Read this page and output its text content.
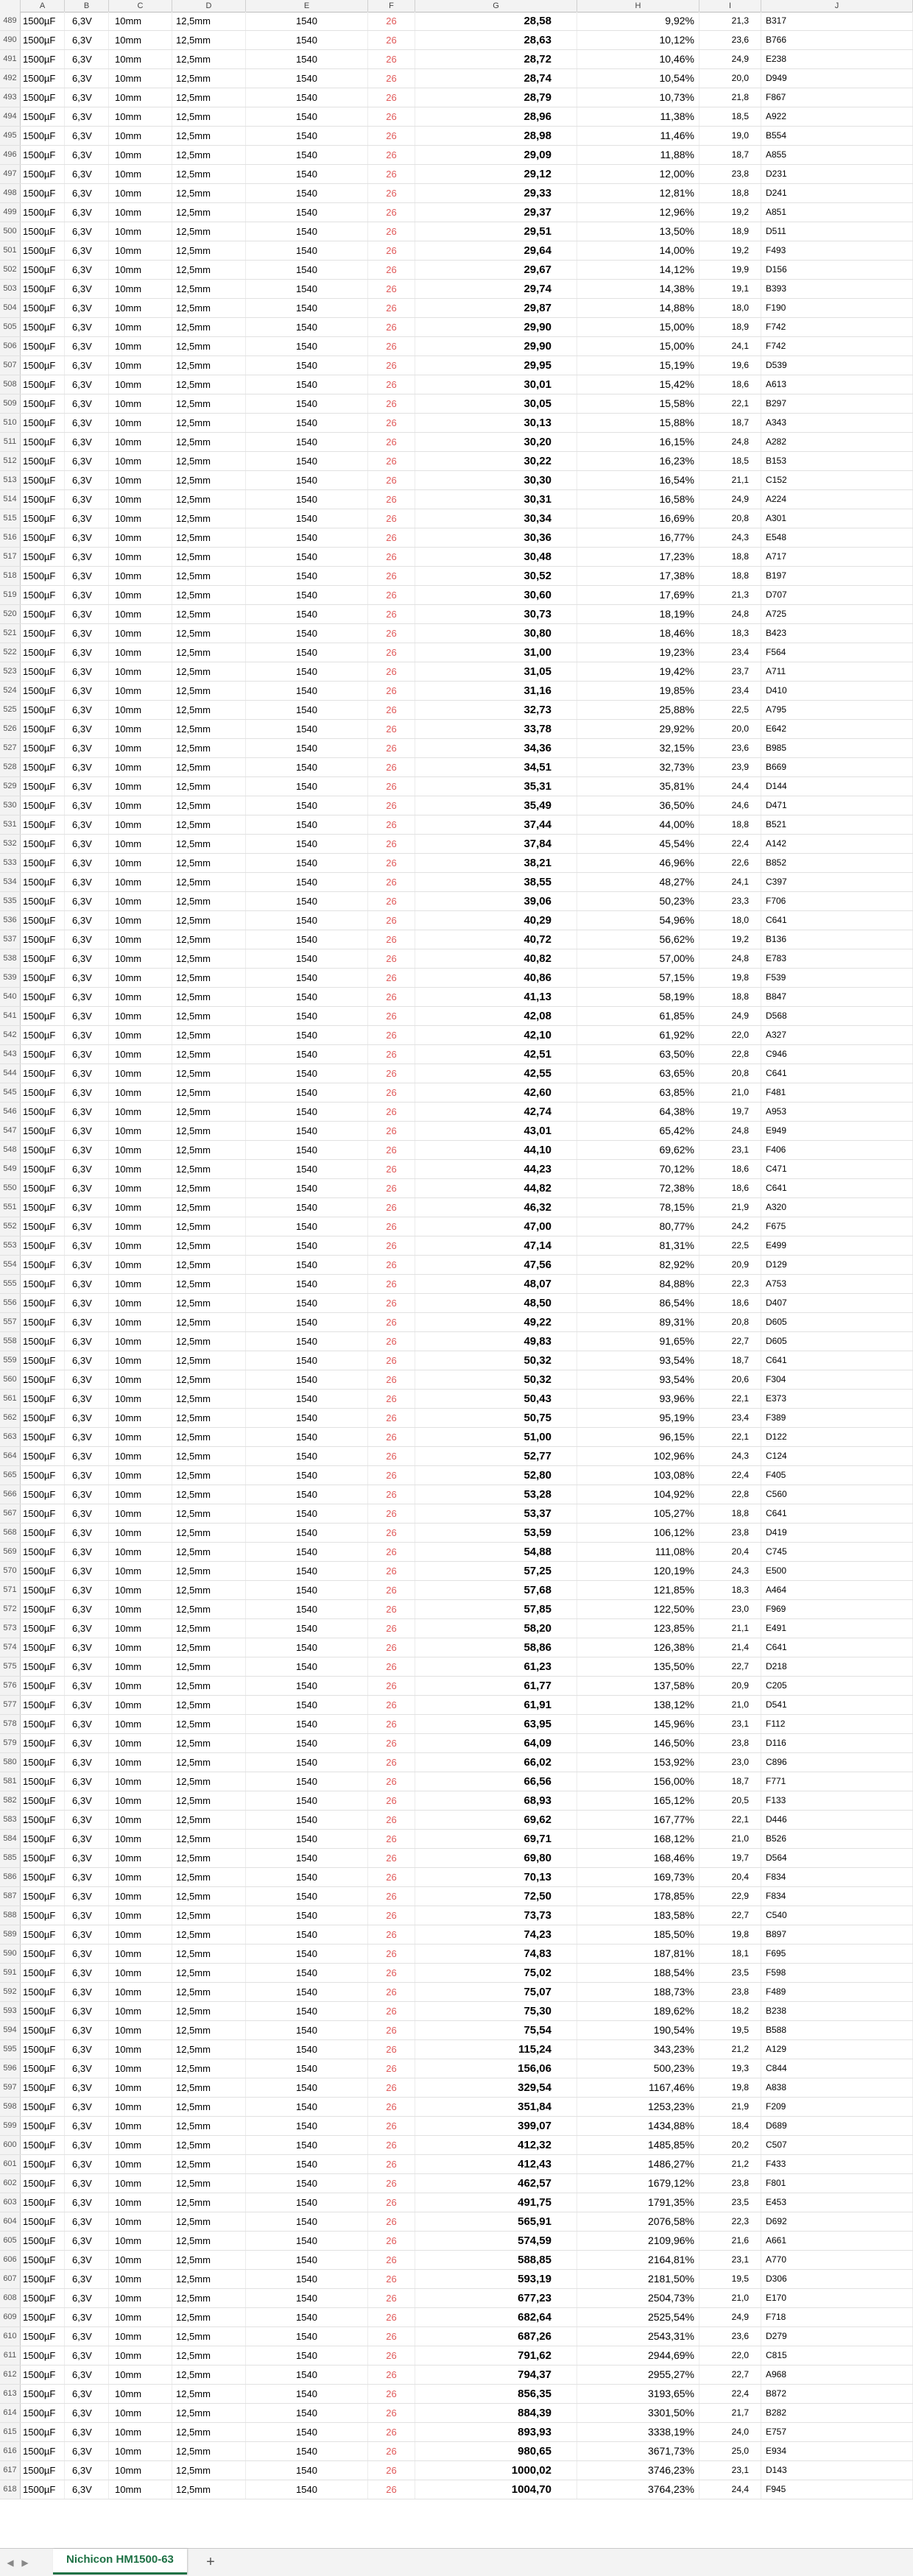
A	B	C	D	E	F	G	H	I	J
489 1500µF	6,3V	10mm	12,5mm	1540	26	28,58	9,92%	21,3	B317
490 1500µF	6,3V	10mm	12,5mm	1540	26	28,63	10,12%	23,6	B766
491 1500µF	6,3V	10mm	12,5mm	1540	26	28,72	10,46%	24,9	E238
492 1500µF	6,3V	10mm	12,5mm	1540	26	28,74	10,54%	20,0	D949
493 1500µF	6,3V	10mm	12,5mm	1540	26	28,79	10,73%	21,8	F867
494 1500µF	6,3V	10mm	12,5mm	1540	26	28,96	11,38%	18,5	A922
495 1500µF	6,3V	10mm	12,5mm	1540	26	28,98	11,46%	19,0	B554
496 1500µF	6,3V	10mm	12,5mm	1540	26	29,09	11,88%	18,7	A855
497 1500µF	6,3V	10mm	12,5mm	1540	26	29,12	12,00%	23,8	D231
498 1500µF	6,3V	10mm	12,5mm	1540	26	29,33	12,81%	18,8	D241
499 1500µF	6,3V	10mm	12,5mm	1540	26	29,37	12,96%	19,2	A851
500 1500µF	6,3V	10mm	12,5mm	1540	26	29,51	13,50%	18,9	D511
501 1500µF	6,3V	10mm	12,5mm	1540	26	29,64	14,00%	19,2	F493
502 1500µF	6,3V	10mm	12,5mm	1540	26	29,67	14,12%	19,9	D156
503 1500µF	6,3V	10mm	12,5mm	1540	26	29,74	14,38%	19,1	B393
504 1500µF	6,3V	10mm	12,5mm	1540	26	29,87	14,88%	18,0	F190
505 1500µF	6,3V	10mm	12,5mm	1540	26	29,90	15,00%	18,9	F742
506 1500µF	6,3V	10mm	12,5mm	1540	26	29,90	15,00%	24,1	F742
507 1500µF	6,3V	10mm	12,5mm	1540	26	29,95	15,19%	19,6	D539
508 1500µF	6,3V	10mm	12,5mm	1540	26	30,01	15,42%	18,6	A613
509 1500µF	6,3V	10mm	12,5mm	1540	26	30,05	15,58%	22,1	B297
510 1500µF	6,3V	10mm	12,5mm	1540	26	30,13	15,88%	18,7	A343
511 1500µF	6,3V	10mm	12,5mm	1540	26	30,20	16,15%	24,8	A282
512 1500µF	6,3V	10mm	12,5mm	1540	26	30,22	16,23%	18,5	B153
513 1500µF	6,3V	10mm	12,5mm	1540	26	30,30	16,54%	21,1	C152
514 1500µF	6,3V	10mm	12,5mm	1540	26	30,31	16,58%	24,9	A224
515 1500µF	6,3V	10mm	12,5mm	1540	26	30,34	16,69%	20,8	A301
516 1500µF	6,3V	10mm	12,5mm	1540	26	30,36	16,77%	24,3	E548
517 1500µF	6,3V	10mm	12,5mm	1540	26	30,48	17,23%	18,8	A717
518 1500µF	6,3V	10mm	12,5mm	1540	26	30,52	17,38%	18,8	B197
519 1500µF	6,3V	10mm	12,5mm	1540	26	30,60	17,69%	21,3	D707
520 1500µF	6,3V	10mm	12,5mm	1540	26	30,73	18,19%	24,8	A725
521 1500µF	6,3V	10mm	12,5mm	1540	26	30,80	18,46%	18,3	B423
522 1500µF	6,3V	10mm	12,5mm	1540	26	31,00	19,23%	23,4	F564
523 1500µF	6,3V	10mm	12,5mm	1540	26	31,05	19,42%	23,7	A711
524 1500µF	6,3V	10mm	12,5mm	1540	26	31,16	19,85%	23,4	D410
525 1500µF	6,3V	10mm	12,5mm	1540	26	32,73	25,88%	22,5	A795
526 1500µF	6,3V	10mm	12,5mm	1540	26	33,78	29,92%	20,0	E642
527 1500µF	6,3V	10mm	12,5mm	1540	26	34,36	32,15%	23,6	B985
528 1500µF	6,3V	10mm	12,5mm	1540	26	34,51	32,73%	23,9	B669
529 1500µF	6,3V	10mm	12,5mm	1540	26	35,31	35,81%	24,4	D144
530 1500µF	6,3V	10mm	12,5mm	1540	26	35,49	36,50%	24,6	D471
531 1500µF	6,3V	10mm	12,5mm	1540	26	37,44	44,00%	18,8	B521
532 1500µF	6,3V	10mm	12,5mm	1540	26	37,84	45,54%	22,4	A142
533 1500µF	6,3V	10mm	12,5mm	1540	26	38,21	46,96%	22,6	B852
534 1500µF	6,3V	10mm	12,5mm	1540	26	38,55	48,27%	24,1	C397
535 1500µF	6,3V	10mm	12,5mm	1540	26	39,06	50,23%	23,3	F706
536 1500µF	6,3V	10mm	12,5mm	1540	26	40,29	54,96%	18,0	C641
537 1500µF	6,3V	10mm	12,5mm	1540	26	40,72	56,62%	19,2	B136
538 1500µF	6,3V	10mm	12,5mm	1540	26	40,82	57,00%	24,8	E783
539 1500µF	6,3V	10mm	12,5mm	1540	26	40,86	57,15%	19,8	F539
540 1500µF	6,3V	10mm	12,5mm	1540	26	41,13	58,19%	18,8	B847
541 1500µF	6,3V	10mm	12,5mm	1540	26	42,08	61,85%	24,9	D568
542 1500µF	6,3V	10mm	12,5mm	1540	26	42,10	61,92%	22,0	A327
543 1500µF	6,3V	10mm	12,5mm	1540	26	42,51	63,50%	22,8	C946
544 1500µF	6,3V	10mm	12,5mm	1540	26	42,55	63,65%	20,8	C641
545 1500µF	6,3V	10mm	12,5mm	1540	26	42,60	63,85%	21,0	F481
546 1500µF	6,3V	10mm	12,5mm	1540	26	42,74	64,38%	19,7	A953
547 1500µF	6,3V	10mm	12,5mm	1540	26	43,01	65,42%	24,8	E949
548 1500µF	6,3V	10mm	12,5mm	1540	26	44,10	69,62%	23,1	F406
549 1500µF	6,3V	10mm	12,5mm	1540	26	44,23	70,12%	18,6	C471
550 1500µF	6,3V	10mm	12,5mm	1540	26	44,82	72,38%	18,6	C641
551 1500µF	6,3V	10mm	12,5mm	1540	26	46,32	78,15%	21,9	A320
552 1500µF	6,3V	10mm	12,5mm	1540	26	47,00	80,77%	24,2	F675
553 1500µF	6,3V	10mm	12,5mm	1540	26	47,14	81,31%	22,5	E499
554 1500µF	6,3V	10mm	12,5mm	1540	26	47,56	82,92%	20,9	D129
555 1500µF	6,3V	10mm	12,5mm	1540	26	48,07	84,88%	22,3	A753
556 1500µF	6,3V	10mm	12,5mm	1540	26	48,50	86,54%	18,6	D407
557 1500µF	6,3V	10mm	12,5mm	1540	26	49,22	89,31%	20,8	D605
558 1500µF	6,3V	10mm	12,5mm	1540	26	49,83	91,65%	22,7	D605
559 1500µF	6,3V	10mm	12,5mm	1540	26	50,32	93,54%	18,7	C641
560 1500µF	6,3V	10mm	12,5mm	1540	26	50,32	93,54%	20,6	F304
561 1500µF	6,3V	10mm	12,5mm	1540	26	50,43	93,96%	22,1	E373
562 1500µF	6,3V	10mm	12,5mm	1540	26	50,75	95,19%	23,4	F389
563 1500µF	6,3V	10mm	12,5mm	1540	26	51,00	96,15%	22,1	D122
564 1500µF	6,3V	10mm	12,5mm	1540	26	52,77	102,96%	24,3	C124
565 1500µF	6,3V	10mm	12,5mm	1540	26	52,80	103,08%	22,4	F405
566 1500µF	6,3V	10mm	12,5mm	1540	26	53,28	104,92%	22,8	C560
567 1500µF	6,3V	10mm	12,5mm	1540	26	53,37	105,27%	18,8	C641
568 1500µF	6,3V	10mm	12,5mm	1540	26	53,59	106,12%	23,8	D419
569 1500µF	6,3V	10mm	12,5mm	1540	26	54,88	111,08%	20,4	C745
570 1500µF	6,3V	10mm	12,5mm	1540	26	57,25	120,19%	24,3	E500
571 1500µF	6,3V	10mm	12,5mm	1540	26	57,68	121,85%	18,3	A464
572 1500µF	6,3V	10mm	12,5mm	1540	26	57,85	122,50%	23,0	F969
573 1500µF	6,3V	10mm	12,5mm	1540	26	58,20	123,85%	21,1	E491
574 1500µF	6,3V	10mm	12,5mm	1540	26	58,86	126,38%	21,4	C641
575 1500µF	6,3V	10mm	12,5mm	1540	26	61,23	135,50%	22,7	D218
576 1500µF	6,3V	10mm	12,5mm	1540	26	61,77	137,58%	20,9	C205
577 1500µF	6,3V	10mm	12,5mm	1540	26	61,91	138,12%	21,0	D541
578 1500µF	6,3V	10mm	12,5mm	1540	26	63,95	145,96%	23,1	F112
579 1500µF	6,3V	10mm	12,5mm	1540	26	64,09	146,50%	23,8	D116
580 1500µF	6,3V	10mm	12,5mm	1540	26	66,02	153,92%	23,0	C896
581 1500µF	6,3V	10mm	12,5mm	1540	26	66,56	156,00%	18,7	F771
582 1500µF	6,3V	10mm	12,5mm	1540	26	68,93	165,12%	20,5	F133
583 1500µF	6,3V	10mm	12,5mm	1540	26	69,62	167,77%	22,1	D446
584 1500µF	6,3V	10mm	12,5mm	1540	26	69,71	168,12%	21,0	B526
585 1500µF	6,3V	10mm	12,5mm	1540	26	69,80	168,46%	19,7	D564
586 1500µF	6,3V	10mm	12,5mm	1540	26	70,13	169,73%	20,4	F834
587 1500µF	6,3V	10mm	12,5mm	1540	26	72,50	178,85%	22,9	F834
588 1500µF	6,3V	10mm	12,5mm	1540	26	73,73	183,58%	22,7	C540
589 1500µF	6,3V	10mm	12,5mm	1540	26	74,23	185,50%	19,8	B897
590 1500µF	6,3V	10mm	12,5mm	1540	26	74,83	187,81%	18,1	F695
591 1500µF	6,3V	10mm	12,5mm	1540	26	75,02	188,54%	23,5	F598
592 1500µF	6,3V	10mm	12,5mm	1540	26	75,07	188,73%	23,8	F489
593 1500µF	6,3V	10mm	12,5mm	1540	26	75,30	189,62%	18,2	B238
594 1500µF	6,3V	10mm	12,5mm	1540	26	75,54	190,54%	19,5	B588
595 1500µF	6,3V	10mm	12,5mm	1540	26	115,24	343,23%	21,2	A129
596 1500µF	6,3V	10mm	12,5mm	1540	26	156,06	500,23%	19,3	C844
597 1500µF	6,3V	10mm	12,5mm	1540	26	329,54	1167,46%	19,8	A838
598 1500µF	6,3V	10mm	12,5mm	1540	26	351,84	1253,23%	21,9	F209
599 1500µF	6,3V	10mm	12,5mm	1540	26	399,07	1434,88%	18,4	D689
600 1500µF	6,3V	10mm	12,5mm	1540	26	412,32	1485,85%	20,2	C507
601 1500µF	6,3V	10mm	12,5mm	1540	26	412,43	1486,27%	21,2	F433
602 1500µF	6,3V	10mm	12,5mm	1540	26	462,57	1679,12%	23,8	F801
603 1500µF	6,3V	10mm	12,5mm	1540	26	491,75	1791,35%	23,5	E453
604 1500µF	6,3V	10mm	12,5mm	1540	26	565,91	2076,58%	22,3	D692
605 1500µF	6,3V	10mm	12,5mm	1540	26	574,59	2109,96%	21,6	A661
606 1500µF	6,3V	10mm	12,5mm	1540	26	588,85	2164,81%	23,1	A770
607 1500µF	6,3V	10mm	12,5mm	1540	26	593,19	2181,50%	19,5	D306
608 1500µF	6,3V	10mm	12,5mm	1540	26	677,23	2504,73%	21,0	E170
609 1500µF	6,3V	10mm	12,5mm	1540	26	682,64	2525,54%	24,9	F718
610 1500µF	6,3V	10mm	12,5mm	1540	26	687,26	2543,31%	23,6	D279
611 1500µF	6,3V	10mm	12,5mm	1540	26	791,62	2944,69%	22,0	C815
612 1500µF	6,3V	10mm	12,5mm	1540	26	794,37	2955,27%	22,7	A968
613 1500µF	6,3V	10mm	12,5mm	1540	26	856,35	3193,65%	22,4	B872
614 1500µF	6,3V	10mm	12,5mm	1540	26	884,39	3301,50%	21,7	B282
615 1500µF	6,3V	10mm	12,5mm	1540	26	893,93	3338,19%	24,0	E757
616 1500µF	6,3V	10mm	12,5mm	1540	26	980,65	3671,73%	25,0	E934
617 1500µF	6,3V	10mm	12,5mm	1540	26	1000,02	3746,23%	23,1	D143
618 1500µF	6,3V	10mm	12,5mm	1540	26	1004,70	3764,23%	24,4	F945
◀ ▶	Nichicon HM1500-63	+
